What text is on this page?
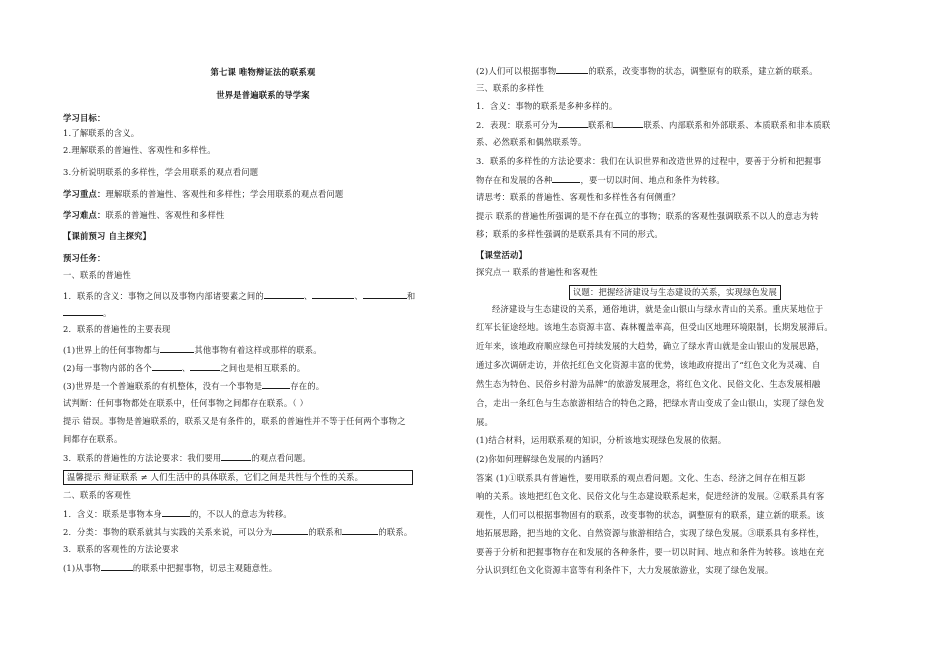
第七课 唯物辩证法的联系观
世界是普遍联系的导学案
学习目标：
1.了解联系的含义。
2.理解联系的普遍性、客观性和多样性。
3.分析说明联系的多样性，学会用联系的观点看问题
学习重点：理解联系的普遍性、客观性和多样性；学会用联系的观点看问题
学习难点：联系的普遍性、客观性和多样性
【课前预习 自主探究】
预习任务：
一、联系的普遍性
1．联系的含义：事物之间以及事物内部诸要素之间的	、	、	和
。
2．联系的普遍性的主要表现
(1)世界上的任何事物都与	其他事物有着这样或那样的联系。
(2)每一事物内部的各个	、	之间也是相互联系的。
(3)世界是一个普遍联系的有机整体，没有一个事物是	存在的。
试判断：任何事物都处在联系中，任何事物之间都存在联系。（ ）
提示 错误。事物是普遍联系的，联系又是有条件的，联系的普遍性并不等于任何两个事物之
间都存在联系。
3．联系的普遍性的方法论要求：我们要用	的观点看问题。
温馨提示 辩证联系 ≠ 人们生活中的具体联系，它们之间是共性与个性的关系。
二、联系的客观性
1．含义：联系是事物本身	的，不以人的意志为转移。
2．分类：事物的联系就其与实践的关系来说，可以分为	的联系和	的联系。
3．联系的客观性的方法论要求
(1)从事物	的联系中把握事物，切忌主观随意性。
(2)人们可以根据事物	的联系，改变事物的状态，调整原有的联系，建立新的联系。
三、联系的多样性
1．含义：事物的联系是多种多样的。
2．表现：联系可分为	联系和	联系、内部联系和外部联系、本质联系和非本质联
系、必然联系和偶然联系等。
3．联系的多样性的方法论要求：我们在认识世界和改造世界的过程中，要善于分析和把握事
物存在和发展的各种	，要一切以时间、地点和条件为转移。
请思考：联系的普遍性、客观性和多样性各有何侧重？
提示 联系的普遍性所强调的是不存在孤立的事物；联系的客观性强调联系不以人的意志为转
移；联系的多样性强调的是联系具有不同的形式。
【课堂活动】
探究点一 联系的普遍性和客观性
议题：把握经济建设与生态建设的关系，实现绿色发展
经济建设与生态建设的关系，通俗地讲，就是金山银山与绿水青山的关系。重庆某地位于
红军长征途经地。该地生态资源丰富、森林覆盖率高，但受山区地理环境限制，长期发展滞后。
近年来，该地政府顺应绿色可持续发展的大趋势，确立了绿水青山就是金山银山的发展思路，
通过多次调研走访，并依托红色文化资源丰富的优势，该地政府提出了“红色文化为灵魂、自
然生态为特色、民俗乡村游为品牌”的旅游发展理念，将红色文化、民俗文化、生态发展相融
合，走出一条红色与生态旅游相结合的特色之路，把绿水青山变成了金山银山，实现了绿色发
展。
(1)结合材料，运用联系观的知识，分析该地实现绿色发展的依据。
(2)你如何理解绿色发展的内涵吗？
答案 (1)①联系具有普遍性，要用联系的观点看问题。文化、生态、经济之间存在相互影
响的关系。该地把红色文化、民俗文化与生态建设联系起来，促进经济的发展。②联系具有客
观性，人们可以根据事物固有的联系，改变事物的状态，调整原有的联系，建立新的联系。该
地拓展思路，把当地的文化、自然资源与旅游相结合，实现了绿色发展。③联系具有多样性，
要善于分析和把握事物存在和发展的各种条件，要一切以时间、地点和条件为转移。该地在充
分认识到红色文化资源丰富等有利条件下，大力发展旅游业，实现了绿色发展。
